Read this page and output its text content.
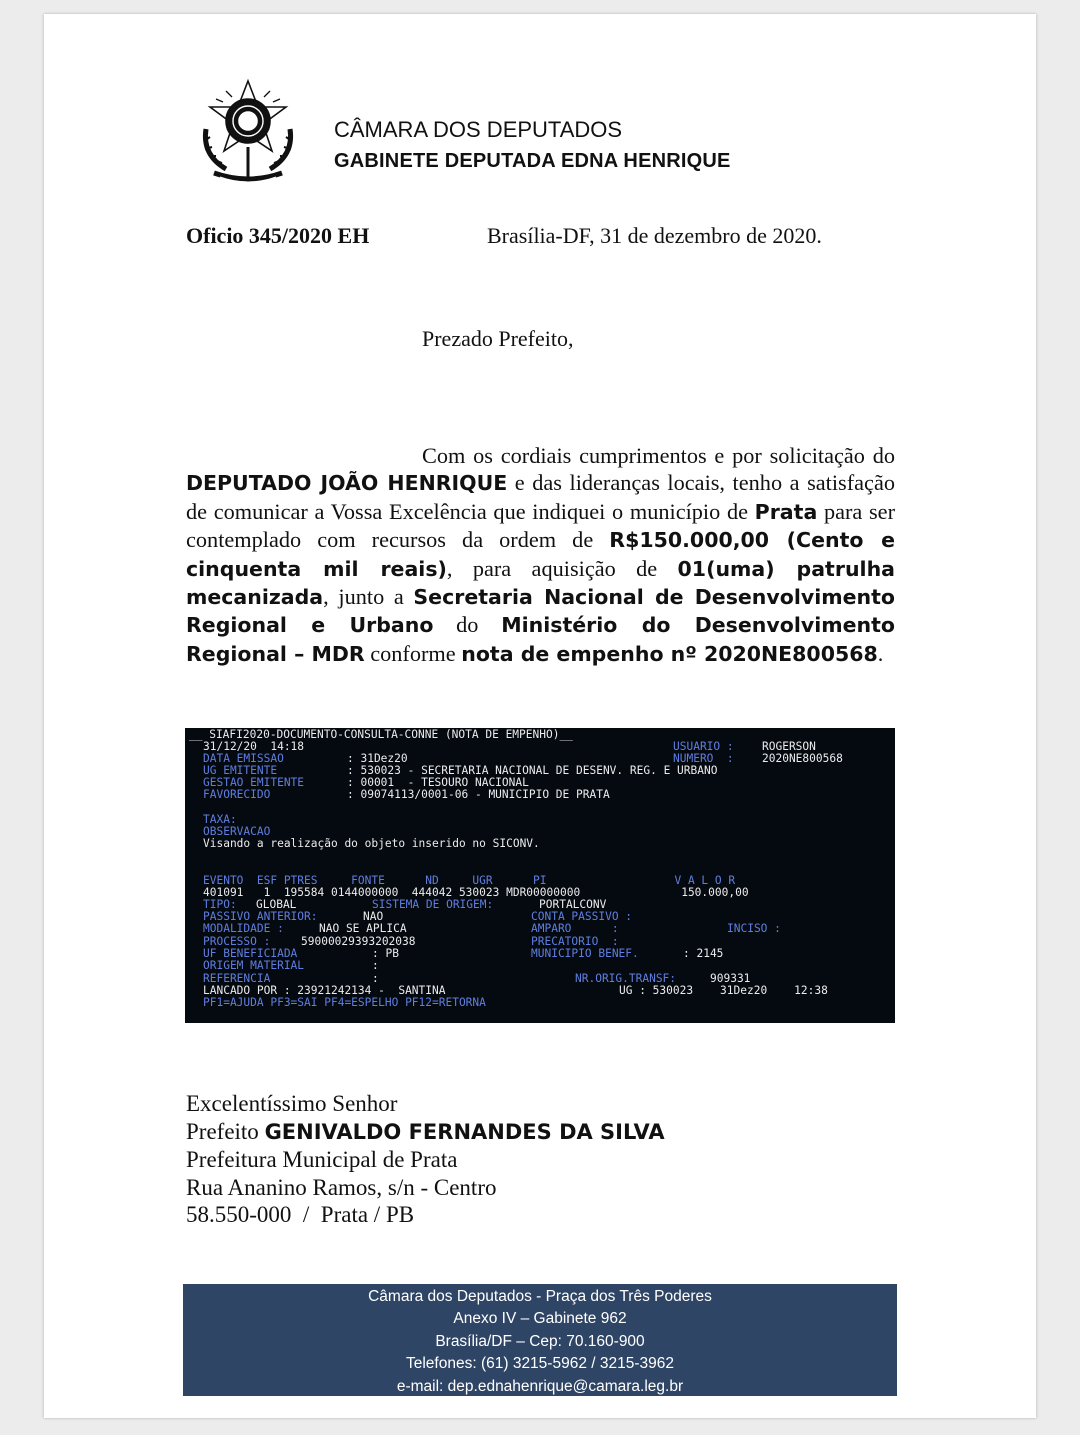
CÂMARA DOS DEPUTADOS
GABINETE DEPUTADA EDNA HENRIQUE
Oficio 345/2020 EH	Brasília-DF, 31 de dezembro de 2020.
Prezado Prefeito,
Com os cordiais cumprimentos e por solicitação do DEPUTADO JOÃO HENRIQUE e das lideranças locais, tenho a satisfação de comunicar a Vossa Excelência que indiquei o município de Prata para ser contemplado com recursos da ordem de R$150.000,00 (Cento e cinquenta mil reais), para aquisição de 01(uma) patrulha mecanizada, junto a Secretaria Nacional de Desenvolvimento Regional e Urbano do Ministério do Desenvolvimento Regional – MDR conforme nota de empenho nº 2020NE800568.
__ SIAFI2020-DOCUMENTO-CONSULTA-CONNE (NOTA DE EMPENHO)__
31/12/20  14:18	USUARIO :	ROGERSON
NUMERO  :	2020NE800568
DATA EMISSAO	: 31Dez20
UG EMITENTE	: 530023 - SECRETARIA NACIONAL DE DESENV. REG. E URBANO
GESTAO EMITENTE	: 00001  - TESOURO NACIONAL
FAVORECIDO	: 09074113/0001-06 - MUNICIPIO DE PRATA
TAXA:
OBSERVACAO
Visando a realização do objeto inserido no SICONV.
EVENTO  ESF PTRES     FONTE      ND     UGR      PI                   V A L O R
401091   1  195584 0144000000  444042 530023 MDR00000000               150.000,00
TIPO: GLOBAL	SISTEMA DE ORIGEM:	PORTALCONV
PASSIVO ANTERIOR:	NAO	CONTA PASSIVO :
MODALIDADE :	NAO SE APLICA	AMPARO      :	INCISO :
PROCESSO :	59000029393202038	PRECATORIO  :
UF BENEFICIADA	: PB	MUNICIPIO BENEF.	: 2145
ORIGEM MATERIAL	:
REFERENCIA	:	NR.ORIG.TRANSF:	909331
LANCADO POR : 23921242134 -  SANTINA	UG : 530023    31Dez20    12:38
PF1=AJUDA PF3=SAI PF4=ESPELHO PF12=RETORNA
Excelentíssimo Senhor
Prefeito GENIVALDO FERNANDES DA SILVA
Prefeitura Municipal de Prata
Rua Ananino Ramos, s/n - Centro
58.550-000  /  Prata / PB
Câmara dos Deputados - Praça dos Três Poderes
Anexo IV – Gabinete 962
Brasília/DF – Cep: 70.160-900
Telefones: (61) 3215-5962 / 3215-3962
e-mail: dep.ednahenrique@camara.leg.br
